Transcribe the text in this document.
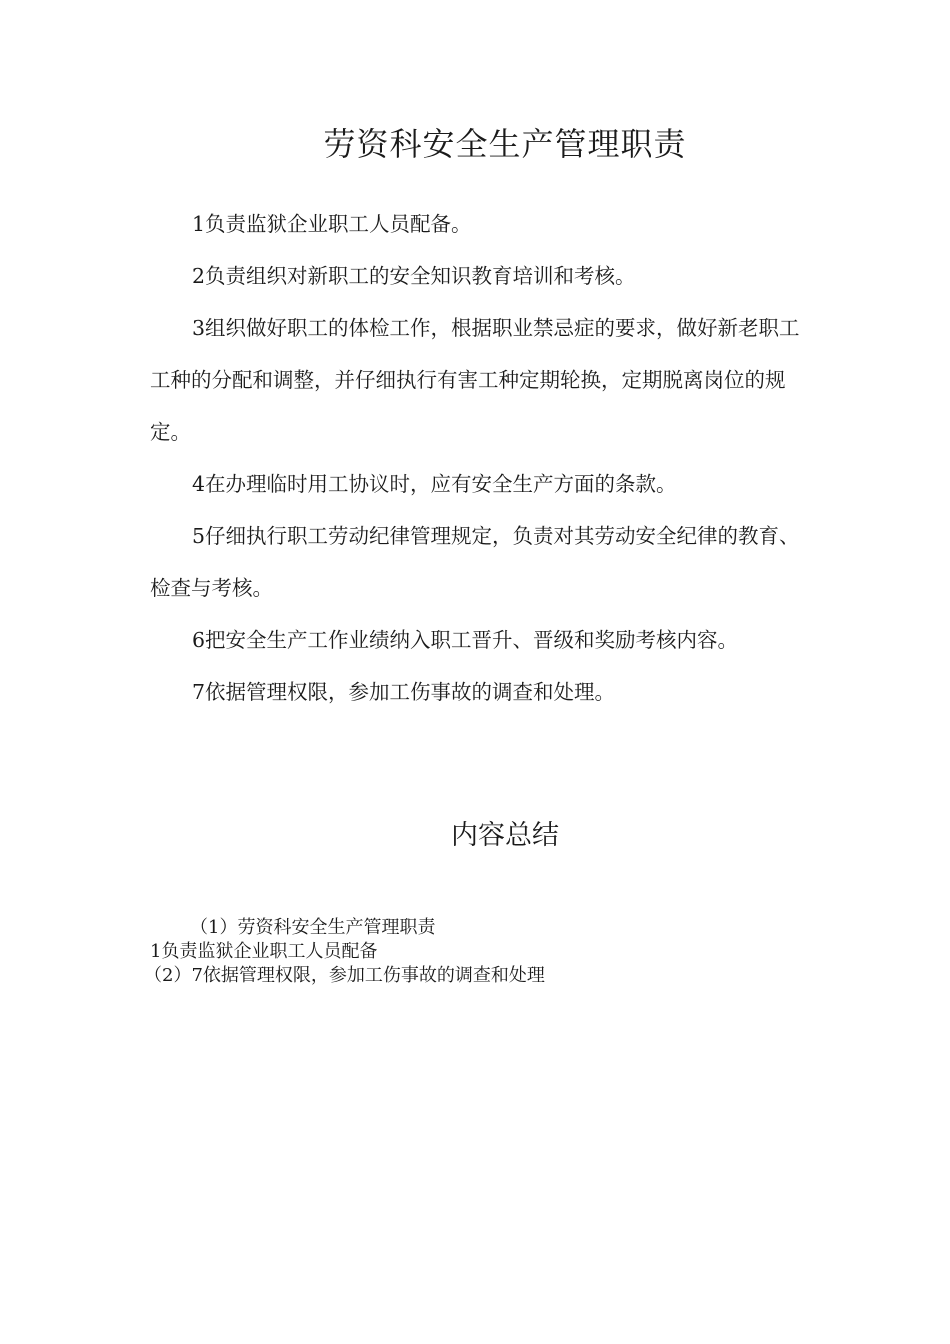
劳资科安全生产管理职责

1负责监狱企业职工人员配备。

2负责组织对新职工的安全知识教育培训和考核。

3组织做好职工的体检工作，根据职业禁忌症的要求，做好新老职工工种的分配和调整，并仔细执行有害工种定期轮换，定期脱离岗位的规定。

4在办理临时用工协议时，应有安全生产方面的条款。

5仔细执行职工劳动纪律管理规定，负责对其劳动安全纪律的教育、检查与考核。

6把安全生产工作业绩纳入职工晋升、晋级和奖励考核内容。

7依据管理权限，参加工伤事故的调查和处理。

内容总结

（1）劳资科安全生产管理职责

1负责监狱企业职工人员配备

（2）7依据管理权限，参加工伤事故的调查和处理
